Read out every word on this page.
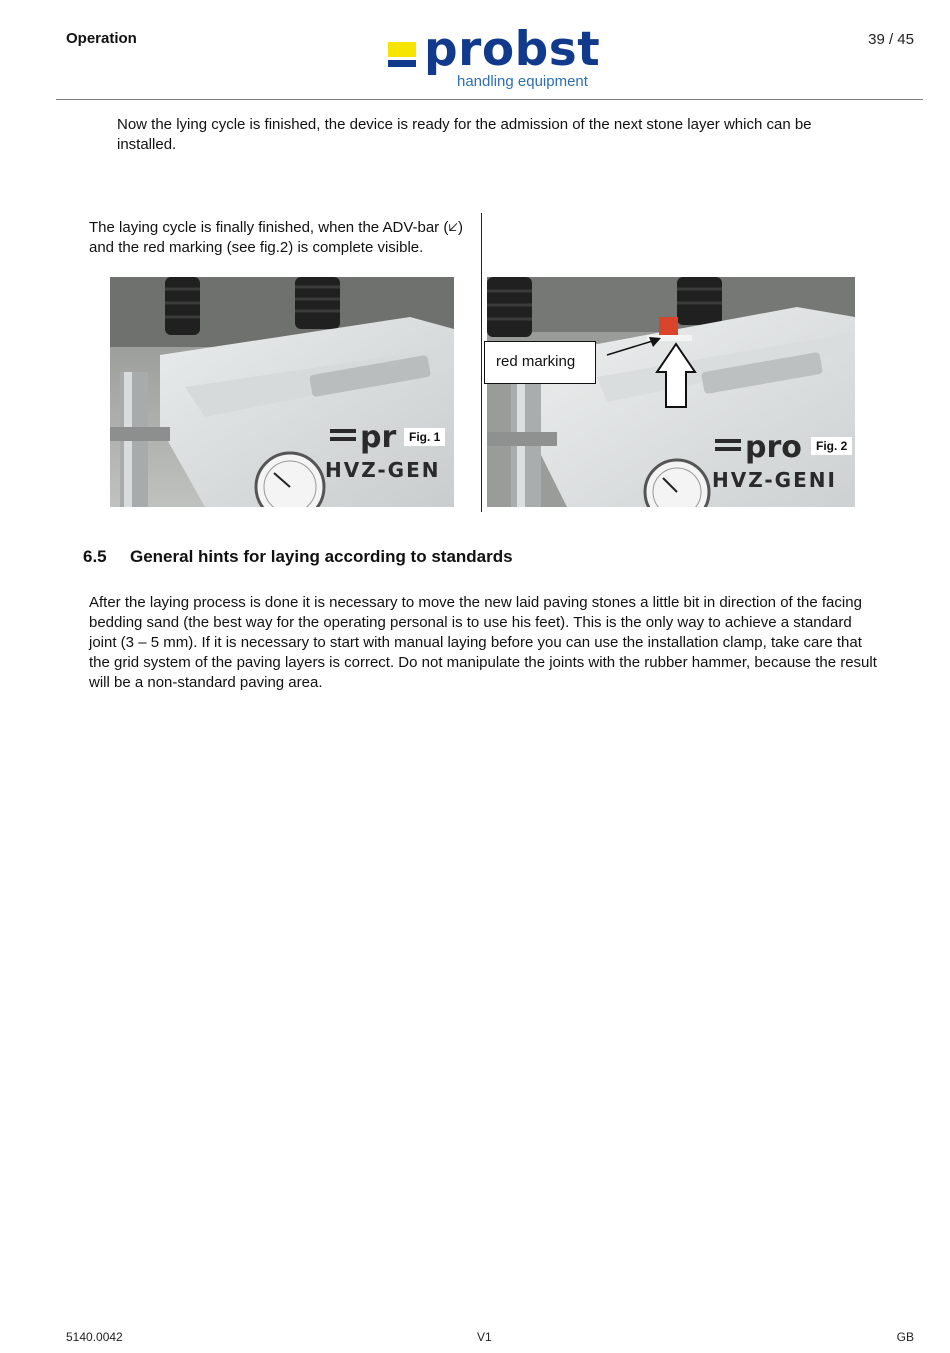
Operation	probst
handling equipment
39 / 45
Now the lying cycle is finished, the device is ready for the admission of the next stone layer which can be installed.
The laying cycle is finally finished, when the ADV-bar (🡧) and the red marking (see fig.2) is complete visible.
pr
HVZ-GEN
Fig. 1	pro
HVZ-GENI
red marking
Fig. 2
6.5 General hints for laying according to standards
After the laying process is done it is necessary to move the new laid paving stones a little bit in direction of the facing bedding sand (the best way for the operating personal is to use his feet). This is the only way to achieve a standard joint (3 – 5 mm). If it is necessary to start with manual laying before you can use the installation clamp, take care that the grid system of the paving layers is correct. Do not manipulate the joints with the rubber hammer, because the result will be a non-standard paving area.
5140.0042	V1	GB
